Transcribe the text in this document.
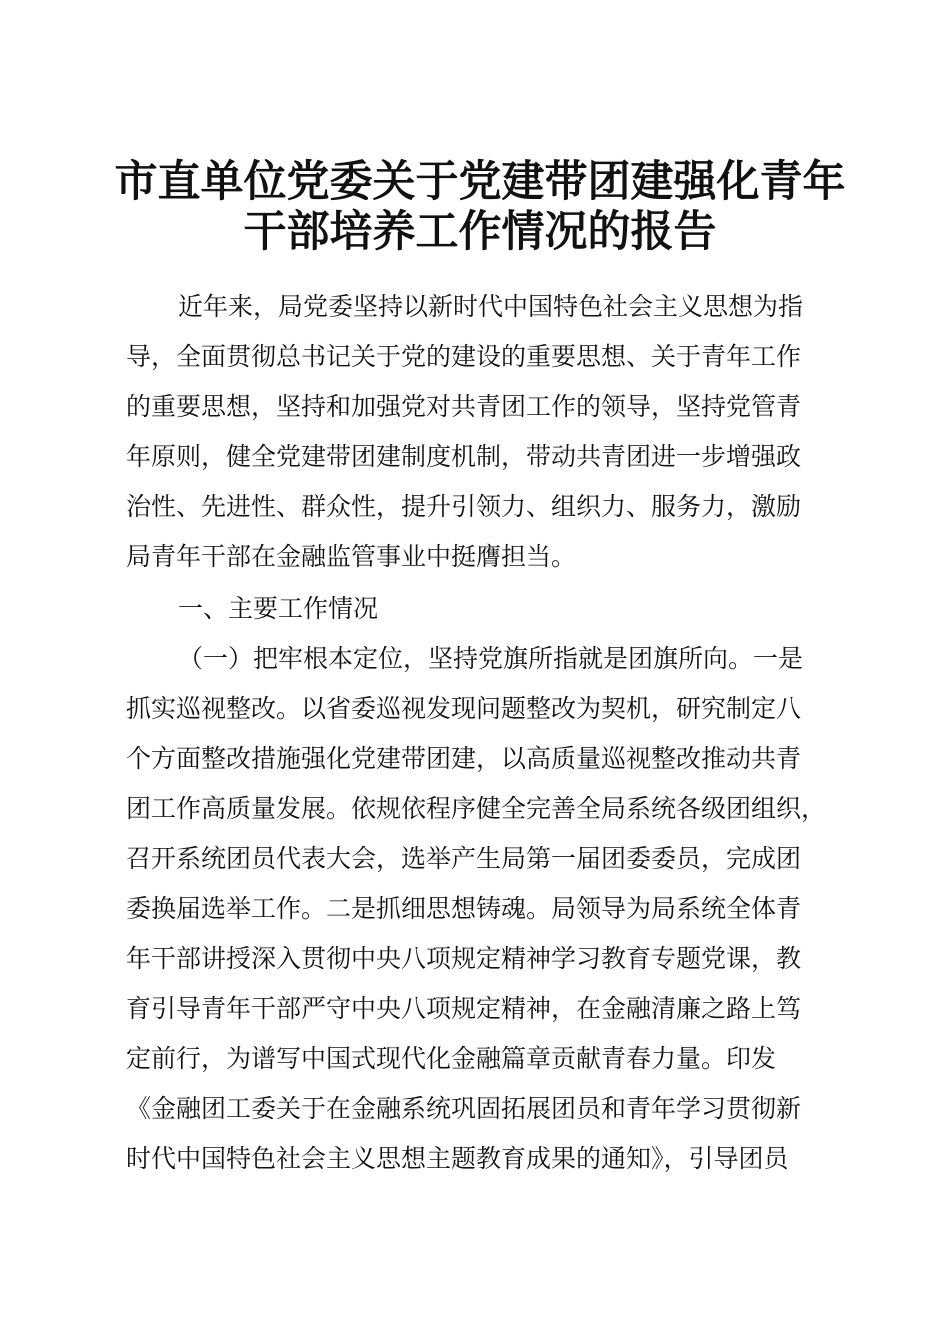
市直单位党委关于党建带团建强化青年
干部培养工作情况的报告

近年来，局党委坚持以新时代中国特色社会主义思想为指
导，全面贯彻总书记关于党的建设的重要思想、关于青年工作
的重要思想，坚持和加强党对共青团工作的领导，坚持党管青
年原则，健全党建带团建制度机制，带动共青团进一步增强政
治性、先进性、群众性，提升引领力、组织力、服务力，激励
局青年干部在金融监管事业中挺膺担当。

一、主要工作情况

（一）把牢根本定位，坚持党旗所指就是团旗所向。一是
抓实巡视整改。以省委巡视发现问题整改为契机，研究制定八
个方面整改措施强化党建带团建，以高质量巡视整改推动共青
团工作高质量发展。依规依程序健全完善全局系统各级团组织，
召开系统团员代表大会，选举产生局第一届团委委员，完成团
委换届选举工作。二是抓细思想铸魂。局领导为局系统全体青
年干部讲授深入贯彻中央八项规定精神学习教育专题党课，教
育引导青年干部严守中央八项规定精神，在金融清廉之路上笃
定前行，为谱写中国式现代化金融篇章贡献青春力量。印发
《金融团工委关于在金融系统巩固拓展团员和青年学习贯彻新
时代中国特色社会主义思想主题教育成果的通知》，引导团员
